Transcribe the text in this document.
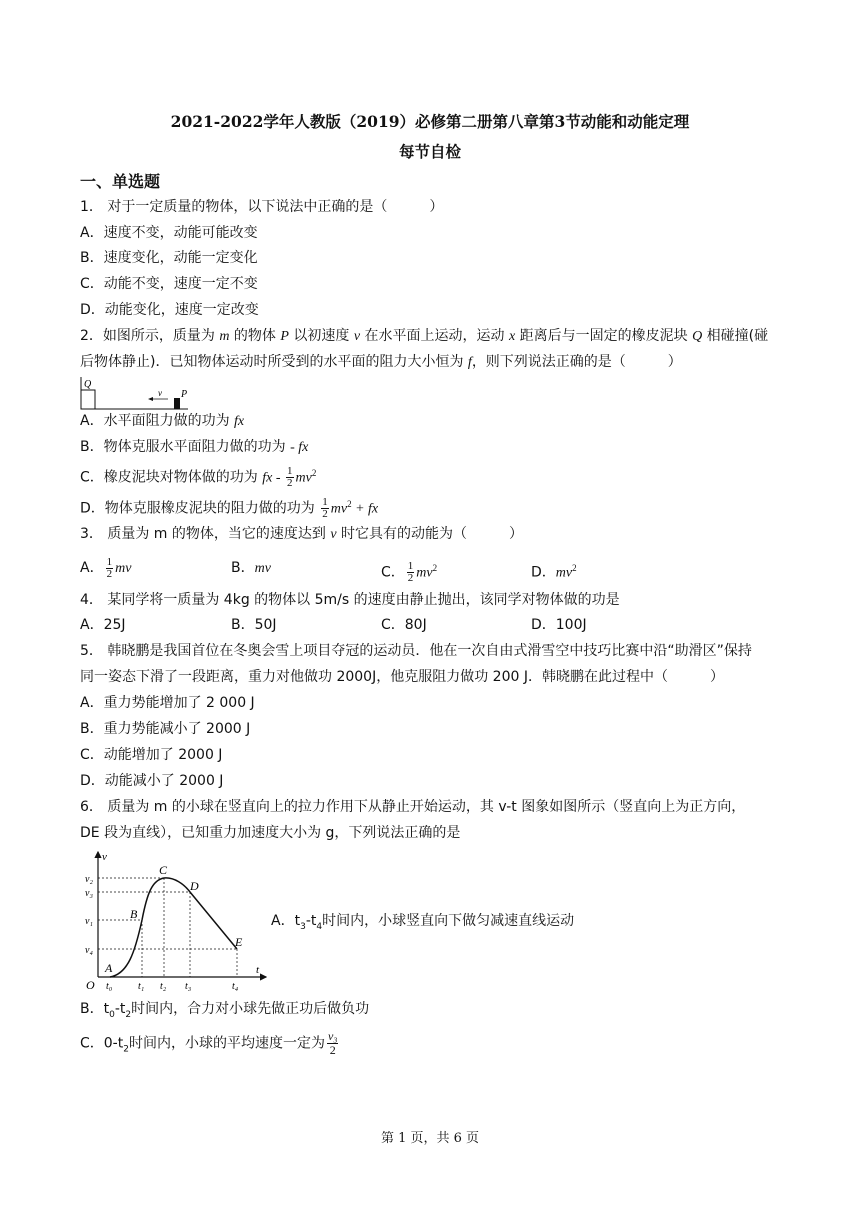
2021-2022学年人教版（2019）必修第二册第八章第3节动能和动能定理
每节自检
一、单选题
1． 对于一定质量的物体，以下说法中正确的是（　　　）
A．速度不变，动能可能改变
B．速度变化，动能一定变化
C．动能不变，速度一定不变
D．动能变化，速度一定改变
2．如图所示，质量为 m 的物体 P 以初速度 v 在水平面上运动，运动 x 距离后与一固定的橡皮泥块 Q 相碰撞(碰
后物体静止)．已知物体运动时所受到的水平面的阻力大小恒为 f，则下列说法正确的是（　　　）
Q
v P
A．水平面阻力做的功为 fx
B．物体克服水平面阻力做的功为 - fx
C．橡皮泥块对物体做的功为 fx - $\frac{1}{2} mv^2$
D．物体克服橡皮泥块的阻力做的功为 $\frac{1}{2} mv^2$ + fx
3． 质量为 m 的物体，当它的速度达到 v 时它具有的动能为（　　　）
A． $\frac{1}{2}$ mv	B．mv	C． $\frac{1}{2} mv^2$	D．$mv^2$
4． 某同学将一质量为 4kg 的物体以 5m/s 的速度由静止抛出，该同学对物体做的功是
A．25J	B．50J	C．80J	D．100J
5． 韩晓鹏是我国首位在冬奥会雪上项目夺冠的运动员．他在一次自由式滑雪空中技巧比赛中沿“助滑区”保持
同一姿态下滑了一段距离，重力对他做功 2000J，他克服阻力做功 200 J．韩晓鹏在此过程中（　　　）
A．重力势能增加了 2 000 J
B．重力势能减小了 2000 J
C．动能增加了 2000 J
D．动能减小了 2000 J
6． 质量为 m 的小球在竖直向上的拉力作用下从静止开始运动，其 v-t 图象如图所示（竖直向上为正方向，
DE 段为直线），已知重力加速度大小为 g，下列说法正确的是
v
t
O
v₂
v₃
v₁
v₄
t₀	t₁ t₂ t₃	t₄
A
B
C
D
E
A．$t_3-t_4$时间内，小球竖直向下做匀减速直线运动
B．$t_0-t_2$时间内，合力对小球先做正功后做负功
C．$0-t_2$时间内，小球的平均速度一定为 $\frac{\text{v₃}}{2}$
第 1 页，共 6 页
